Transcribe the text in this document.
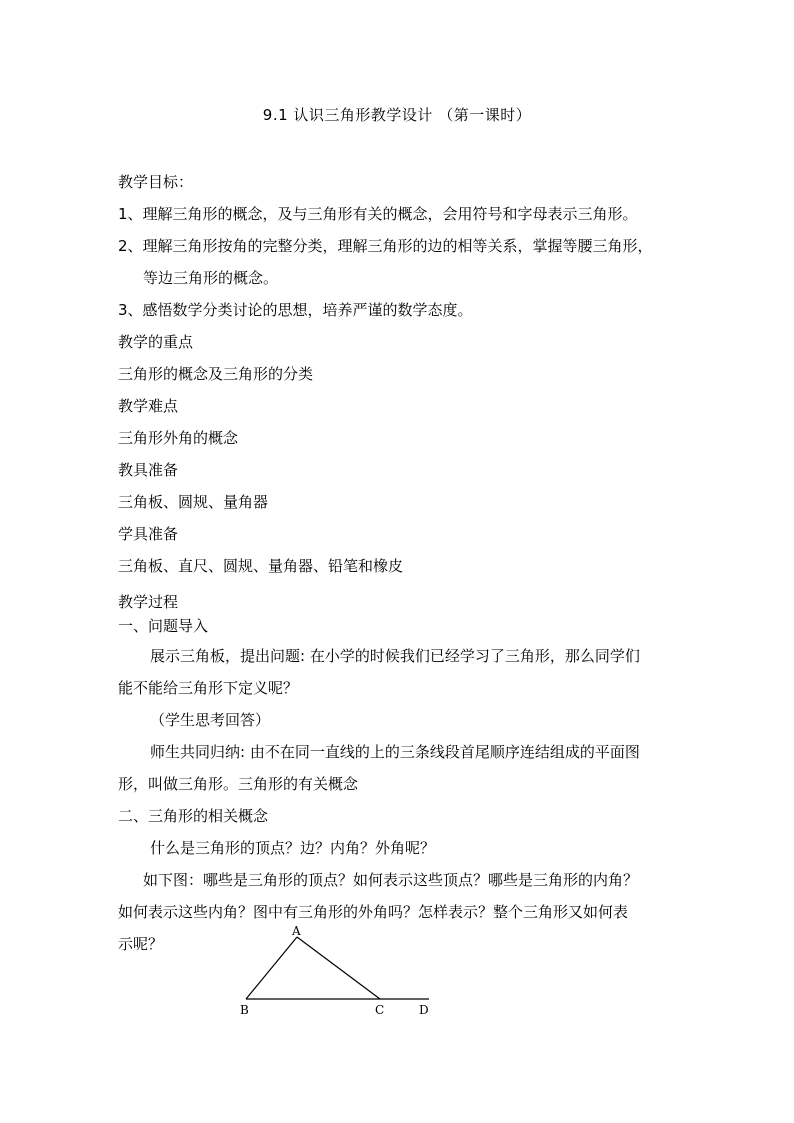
9.1 认识三角形教学设计 （第一课时）
教学目标：
1、理解三角形的概念，及与三角形有关的概念，会用符号和字母表示三角形。
2、理解三角形按角的完整分类，理解三角形的边的相等关系，掌握等腰三角形，
等边三角形的概念。
3、感悟数学分类讨论的思想，培养严谨的数学态度。
教学的重点
三角形的概念及三角形的分类
教学难点
三角形外角的概念
教具准备
三角板、圆规、量角器
学具准备
三角板、直尺、圆规、量角器、铅笔和橡皮
教学过程
一、问题导入
展示三角板，提出问题: 在小学的时候我们已经学习了三角形，那么同学们
能不能给三角形下定义呢？
（学生思考回答）
师生共同归纳: 由不在同一直线的上的三条线段首尾顺序连结组成的平面图
形，叫做三角形。三角形的有关概念
二、三角形的相关概念
什么是三角形的顶点？边？内角？外角呢？
如下图：哪些是三角形的顶点？如何表示这些顶点？哪些是三角形的内角？
如何表示这些内角？图中有三角形的外角吗？怎样表示？整个三角形又如何表
示呢？
A
B	C	D
